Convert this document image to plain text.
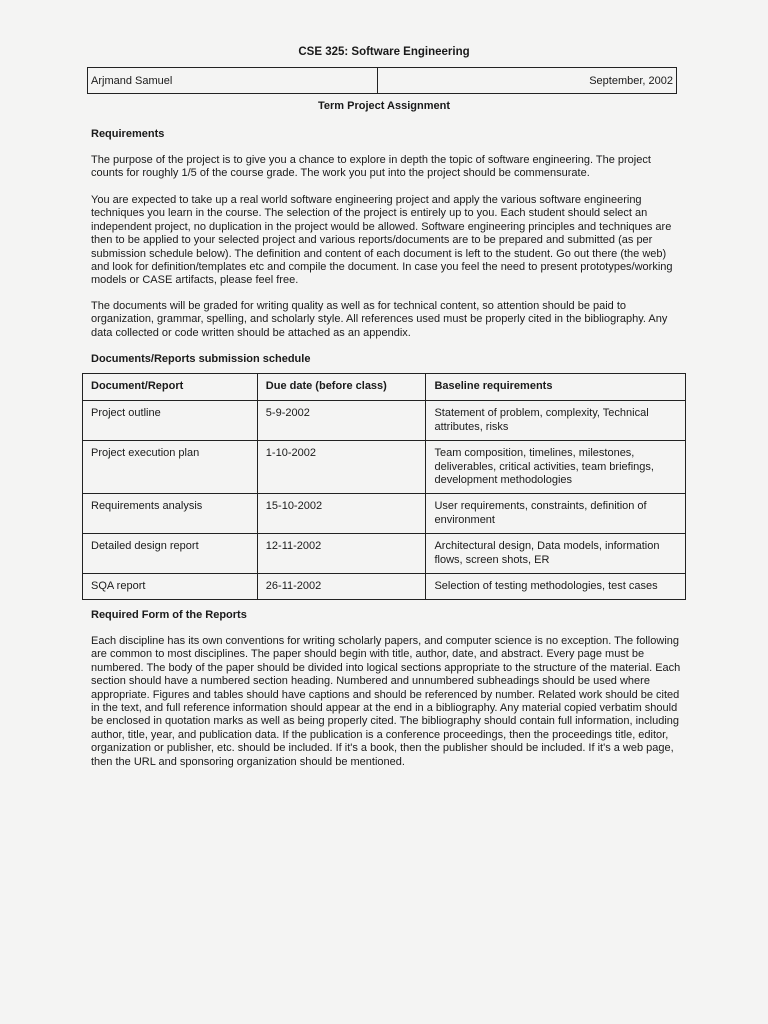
CSE 325: Software Engineering
Arjmand Samuel	September, 2002
Term Project Assignment
Requirements

The purpose of the project is to give you a chance to explore in depth the topic of software engineering. The project counts for roughly 1/5 of the course grade. The work you put into the project should be commensurate.

You are expected to take up a real world software engineering project and apply the various software engineering techniques you learn in the course. The selection of the project is entirely up to you. Each student should select an independent project, no duplication in the project would be allowed. Software engineering principles and techniques are then to be applied to your selected project and various reports/documents are to be prepared and submitted (as per submission schedule below). The definition and content of each document is left to the student. Go out there (the web) and look for definition/templates etc and compile the document. In case you feel the need to present prototypes/working models or CASE artifacts, please feel free.

The documents will be graded for writing quality as well as for technical content, so attention should be paid to organization, grammar, spelling, and scholarly style. All references used must be properly cited in the bibliography. Any data collected or code written should be attached as an appendix.

Documents/Reports submission schedule
Document/Report	Due date (before class)	Baseline requirements
Project outline	5-9-2002	Statement of problem, complexity, Technical attributes, risks
Project execution plan	1-10-2002	Team composition, timelines, milestones, deliverables, critical activities, team briefings, development methodologies
Requirements analysis	15-10-2002	User requirements, constraints, definition of environment
Detailed design report	12-11-2002	Architectural design, Data models, information flows, screen shots, ER
SQA report	26-11-2002	Selection of testing methodologies, test cases
Required Form of the Reports

Each discipline has its own conventions for writing scholarly papers, and computer science is no exception. The following are common to most disciplines. The paper should begin with title, author, date, and abstract. Every page must be numbered. The body of the paper should be divided into logical sections appropriate to the structure of the material. Each section should have a numbered section heading. Numbered and unnumbered subheadings should be used where appropriate. Figures and tables should have captions and should be referenced by number. Related work should be cited in the text, and full reference information should appear at the end in a bibliography. Any material copied verbatim should be enclosed in quotation marks as well as being properly cited. The bibliography should contain full information, including author, title, year, and publication data. If the publication is a conference proceedings, then the proceedings title, editor, organization or publisher, etc. should be included. If it's a book, then the publisher should be included. If it's a web page, then the URL and sponsoring organization should be mentioned.
